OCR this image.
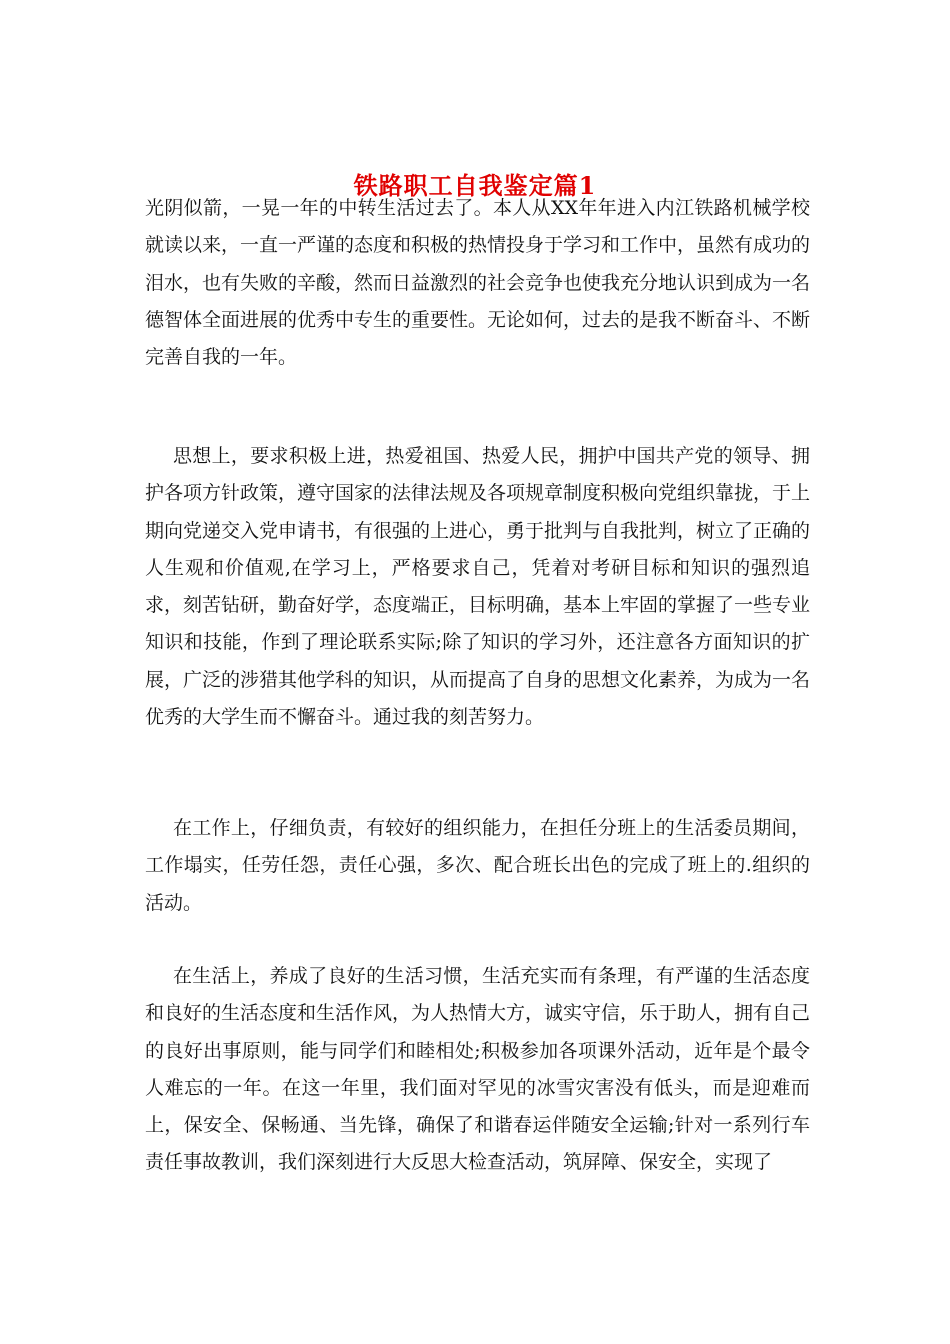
铁路职工自我鉴定篇1

光阴似箭，一晃一年的中转生活过去了。本人从XX年年进入内江铁路机械学校就读以来，一直一严谨的态度和积极的热情投身于学习和工作中，虽然有成功的泪水，也有失败的辛酸，然而日益激烈的社会竞争也使我充分地认识到成为一名德智体全面进展的优秀中专生的重要性。无论如何，过去的是我不断奋斗、不断完善自我的一年。

思想上，要求积极上进，热爱祖国、热爱人民，拥护中国共产党的领导、拥护各项方针政策，遵守国家的法律法规及各项规章制度积极向党组织靠拢，于上期向党递交入党申请书，有很强的上进心，勇于批判与自我批判，树立了正确的人生观和价值观,在学习上，严格要求自己，凭着对考研目标和知识的强烈追求，刻苦钻研，勤奋好学，态度端正，目标明确，基本上牢固的掌握了一些专业知识和技能，作到了理论联系实际;除了知识的学习外，还注意各方面知识的扩展，广泛的涉猎其他学科的知识，从而提高了自身的思想文化素养，为成为一名优秀的大学生而不懈奋斗。通过我的刻苦努力。

在工作上，仔细负责，有较好的组织能力，在担任分班上的生活委员期间，工作塌实，任劳任怨，责任心强，多次、配合班长出色的完成了班上的.组织的活动。

在生活上，养成了良好的生活习惯，生活充实而有条理，有严谨的生活态度和良好的生活态度和生活作风，为人热情大方，诚实守信，乐于助人，拥有自己的良好出事原则，能与同学们和睦相处;积极参加各项课外活动，近年是个最令人难忘的一年。在这一年里，我们面对罕见的冰雪灾害没有低头，而是迎难而上，保安全、保畅通、当先锋，确保了和谐春运伴随安全运输;针对一系列行车责任事故教训，我们深刻进行大反思大检查活动，筑屏障、保安全，实现了
